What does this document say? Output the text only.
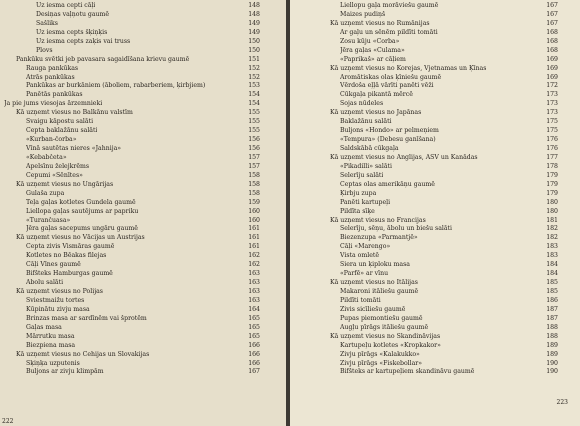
Uz iesma cepti cāļi	148
Desiņas vaļņotu gaumē	148
Šašliks	149
Uz iesma cepts šķiņķis	149
Uz iesma cepts zaķis vai truss	150
Plovs	150
Pankūku svētki jeb pavasara sagaidīšana krievu gaumē	151
Rauga pankūkas	152
Ātrās pankūkas	152
Pankūkas ar burkāniem (āboliem, rabarberiem, ķirbjiem)	153
Panētās pankūkas	154
Ja pie jums viesojas ārzemnieki	154
Kā uzņemt viesus no Balkānu valstīm	155
Svaigu kāpostu salāti	155
Cepta baklažānu salāti	155
«Kurban-čorba»	156
Vīnā sautētas nieres «Jahnija»	156
«Kebabčeta»	157
Apelsīnu želejkrēms	157
Cepumi «Sēnītes»	158
Kā uzņemt viesus no Ungārijas	158
Gulaša zupa	158
Teļa gaļas kotletes Gundela gaumē	159
Liellopa gaļas sautējums ar papriku	160
«Turančuasa»	160
Jēra gaļas sacepums ungāru gaumē	161
Kā uzņemt viesus no Vācijas un Austrijas	161
Cepta zivis Vismāras gaumē	161
Kotletes no Bēakas filejas	162
Cāļi Vīnes gaumē	162
Bifšteks Hamburgas gaumē	163
Ābolu salāti	163
Kā uzņemt viesus no Polijas	163
Sviestmaižu tortes	163
Kūpinātu zivju masa	164
Brinzas masa ar sardīnēm vai šprotēm	165
Gaļas masa	165
Mārrutku masa	165
Biezpiena masa	166
Kā uzņemt viesus no Čehijas un Slovakijas	166
Šķiņķa uzputenis	166
Buljons ar zivju klimpām	167
222
Liellopu gaļa morāviešu gaumē	167
Maizes pudiņš	167
Kā uzņemt viesus no Rumānijas	167
Ar gaļu un sēnēm pildīti tomāti	168
Zosu kūju «Čorba»	168
Jēra gaļas «Čulama»	168
«Paprikaš» ar cāļiem	169
Kā uzņemt viesus no Korejas, Vjetnamas un Ķīnas	169
Aromātiskas olas ķīniešu gaumē	169
Vērdoša eļļā vārīti panēti vēži	172
Cūkgaļa pikantā mērcē	173
Sojas nūdeles	173
Kā uzņemt viesus no Japānas	173
Baklažānu salāti	175
Buljons «Hondo» ar pelmeņiem	175
«Tempura» (Debesu ganīšana)	176
Saldskābā cūkgaļa	176
Kā uzņemt viesus no Anglijas, ASV un Kanādas	177
«Pikadilli» salāti	178
Selerīju salāti	179
Ceptas olas amerikāņu gaumē	179
Ķirbju zupa	179
Panēti kartupeļi	180
Pildīta sīķe	180
Kā uzņemt viesus no Francijas	181
Selerīju, sēņu, ābolu un biešu salāti	182
Biezenzupa «Parmantjē»	182
Cāļi «Marengo»	183
Vista omletē	183
Siera un ķiploku masa	184
«Parfē» ar vīnu	184
Kā uzņemt viesus no Itālijas	185
Makaroni itāliešu gaumē	185
Pildīti tomāti	186
Zivis sicīliešu gaumē	187
Pupas piemontiešu gaumē	187
Augļu pīrāgs itāliešu gaumē	188
Kā uzņemt viesus no Skandināvijas	188
Kartupeļu kotletes «Kropkakor»	189
Zivju pīrāgs «Kalakukko»	189
Zivju pīrāgs «Fiskebollar»	190
Bifšteks ar kartupeļiem skandināvu gaumē	190
223
